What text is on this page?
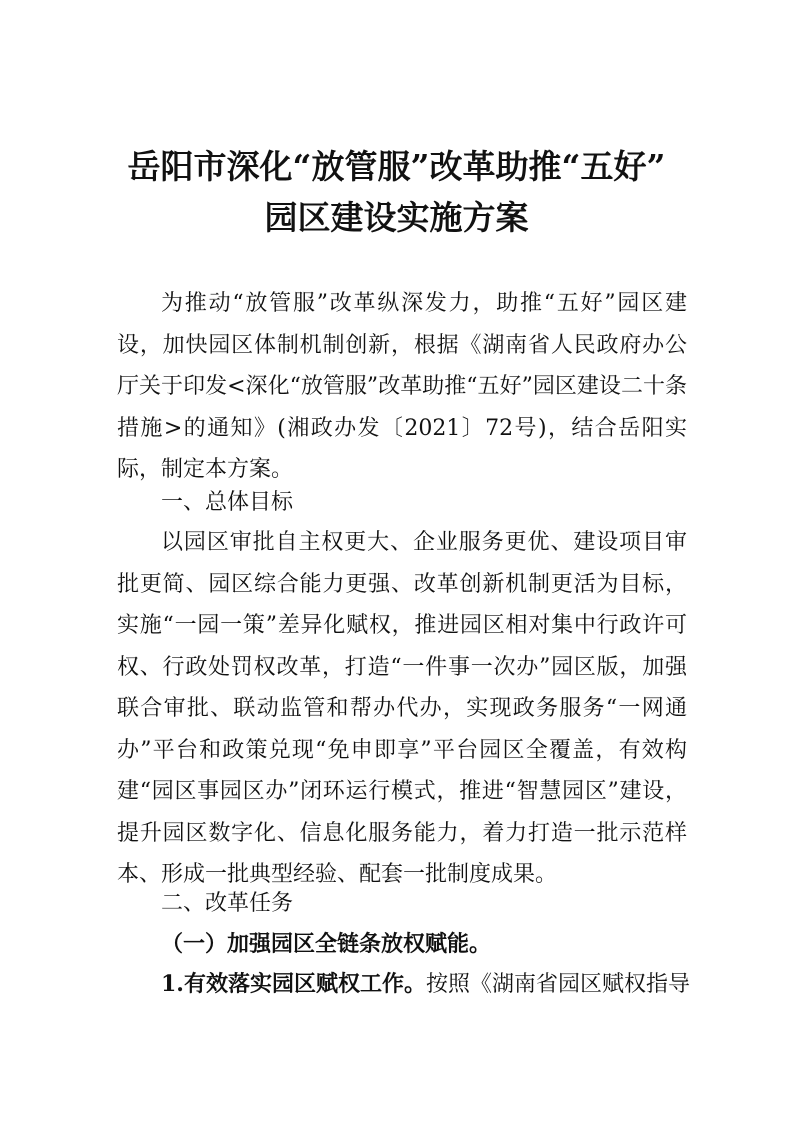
岳阳市深化“放管服”改革助推“五好”
园区建设实施方案

为推动“放管服”改革纵深发力，助推“五好”园区建设，加快园区体制机制创新，根据《湖南省人民政府办公厅关于印发<深化“放管服”改革助推“五好”园区建设二十条措施>的通知》(湘政办发〔2021〕72号)，结合岳阳实际，制定本方案。

一、总体目标

以园区审批自主权更大、企业服务更优、建设项目审批更简、园区综合能力更强、改革创新机制更活为目标，实施“一园一策”差异化赋权，推进园区相对集中行政许可权、行政处罚权改革，打造“一件事一次办”园区版，加强联合审批、联动监管和帮办代办，实现政务服务“一网通办”平台和政策兑现“免申即享”平台园区全覆盖，有效构建“园区事园区办”闭环运行模式，推进“智慧园区”建设，提升园区数字化、信息化服务能力，着力打造一批示范样本、形成一批典型经验、配套一批制度成果。

二、改革任务
（一）加强园区全链条放权赋能。
1.有效落实园区赋权工作。按照《湖南省园区赋权指导
